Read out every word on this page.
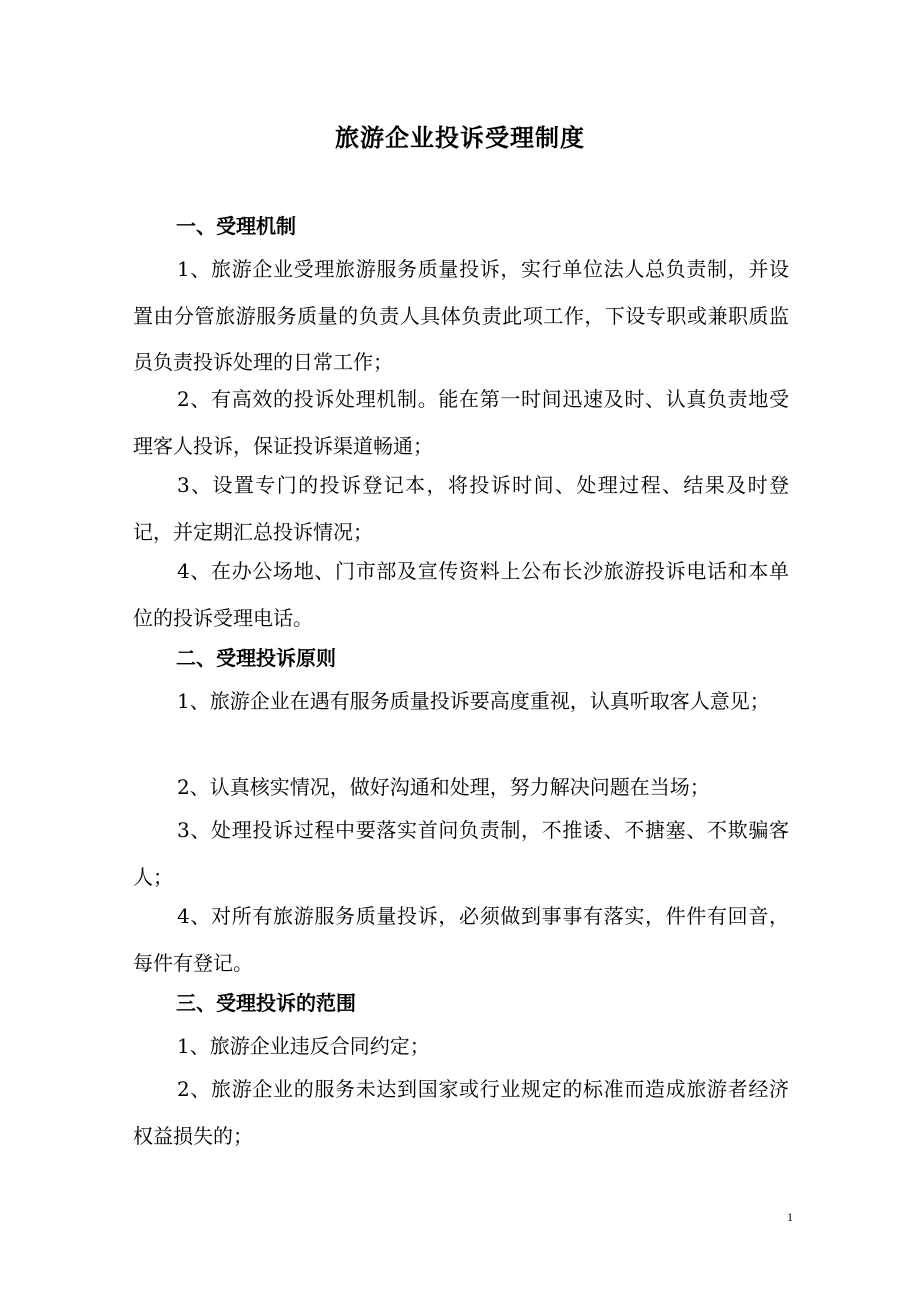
旅游企业投诉受理制度
一、受理机制

1、旅游企业受理旅游服务质量投诉，实行单位法人总负责制，并设置由分管旅游服务质量的负责人具体负责此项工作，下设专职或兼职质监员负责投诉处理的日常工作；

2、有高效的投诉处理机制。能在第一时间迅速及时、认真负责地受理客人投诉，保证投诉渠道畅通；

3、设置专门的投诉登记本，将投诉时间、处理过程、结果及时登记，并定期汇总投诉情况；

4、在办公场地、门市部及宣传资料上公布长沙旅游投诉电话和本单位的投诉受理电话。

二、受理投诉原则

1、旅游企业在遇有服务质量投诉要高度重视，认真听取客人意见；

2、认真核实情况，做好沟通和处理，努力解决问题在当场；

3、处理投诉过程中要落实首问负责制，不推诿、不搪塞、不欺骗客人；

4、对所有旅游服务质量投诉，必须做到事事有落实，件件有回音，每件有登记。

三、受理投诉的范围

1、旅游企业违反合同约定；

2、旅游企业的服务未达到国家或行业规定的标准而造成旅游者经济权益损失的；

1
